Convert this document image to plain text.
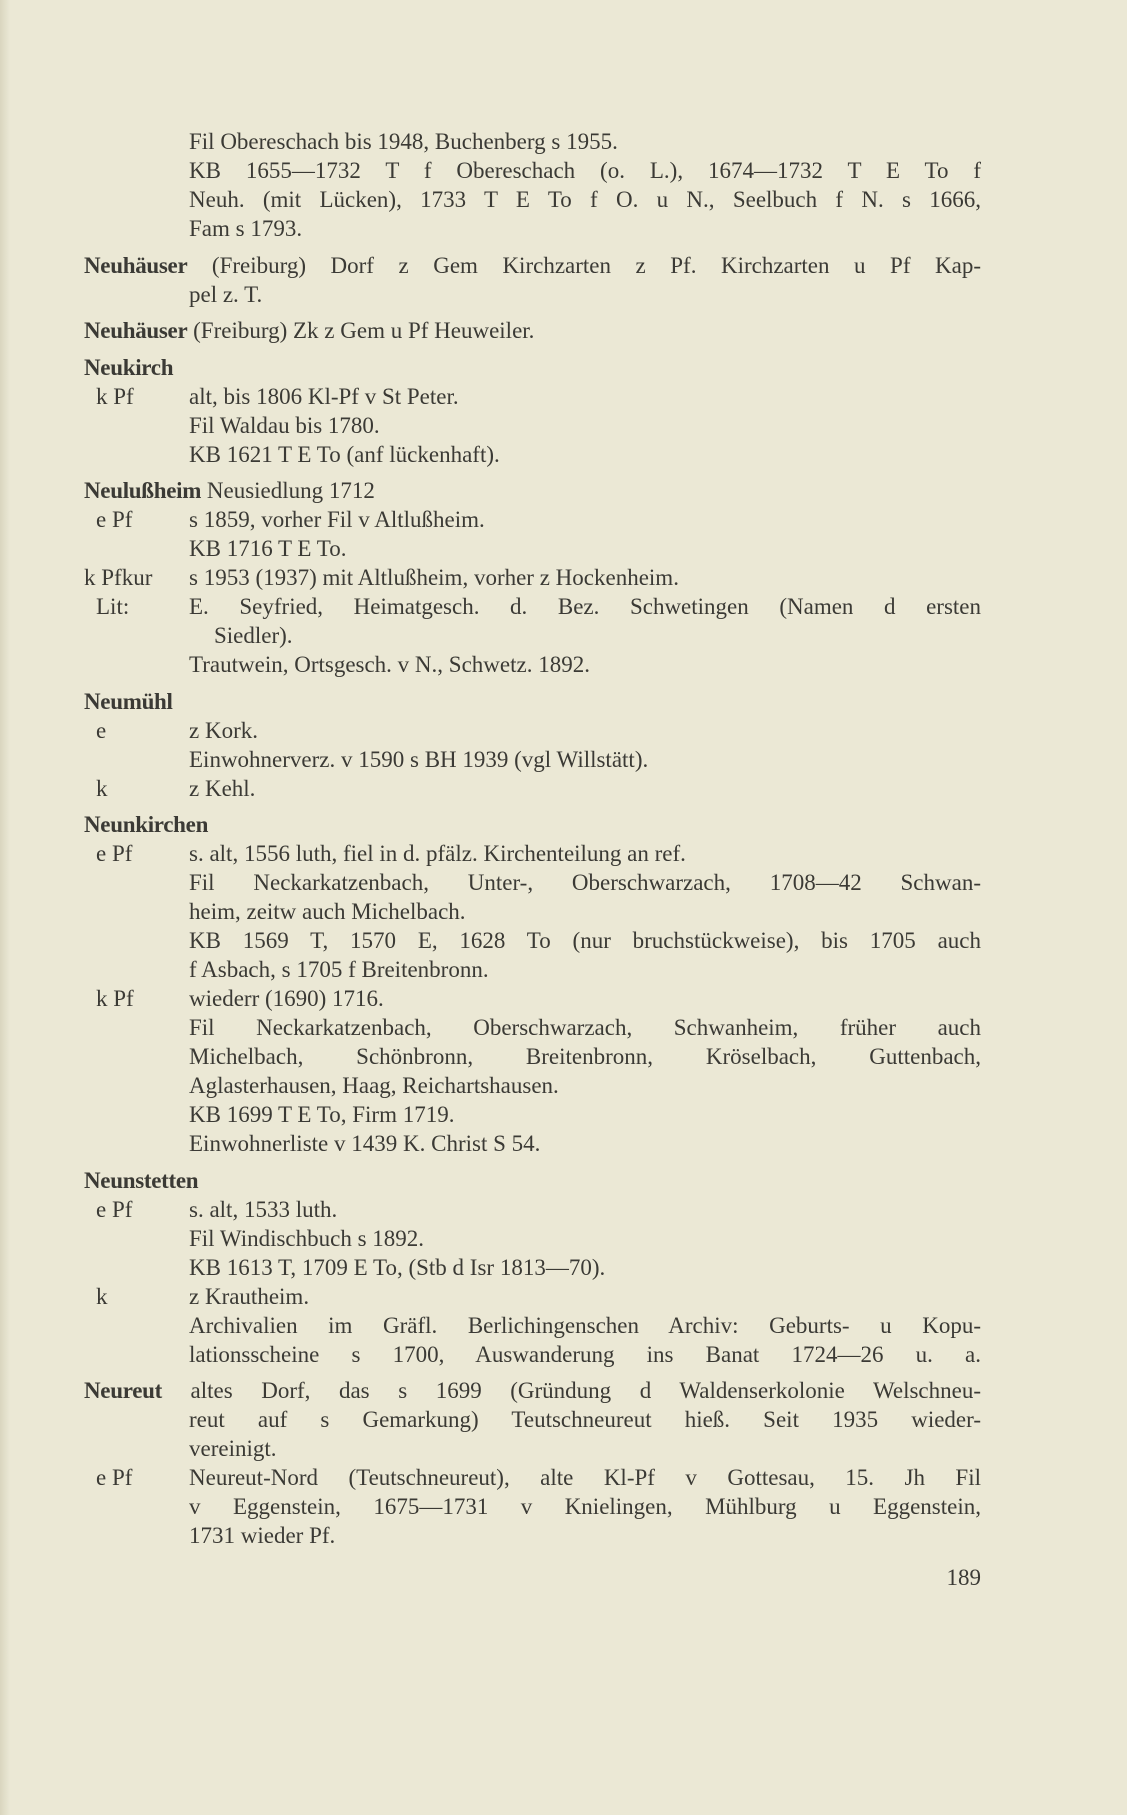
Fil Obereschach bis 1948, Buchenberg s 1955.
KB 1655—1732 T f Obereschach (o. L.), 1674—1732 T E To f
Neuh. (mit Lücken), 1733 T E To f O. u N., Seelbuch f N. s 1666,
Fam s 1793.
Neuhäuser (Freiburg) Dorf z Gem Kirchzarten z Pf. Kirchzarten u Pf Kap-
pel z. T.
Neuhäuser (Freiburg) Zk z Gem u Pf Heuweiler.
Neukirch
k Pf	alt, bis 1806 Kl-Pf v St Peter.
Fil Waldau bis 1780.
KB 1621 T E To (anf lückenhaft).
Neulußheim Neusiedlung 1712
e Pf	s 1859, vorher Fil v Altlußheim.
KB 1716 T E To.
k Pfkur	s 1953 (1937) mit Altlußheim, vorher z Hockenheim.
Lit:	E. Seyfried, Heimatgesch. d. Bez. Schwetingen (Namen d ersten
Siedler).
Trautwein, Ortsgesch. v N., Schwetz. 1892.
Neumühl
e	z Kork.
Einwohnerverz. v 1590 s BH 1939 (vgl Willstätt).
k	z Kehl.
Neunkirchen
e Pf	s. alt, 1556 luth, fiel in d. pfälz. Kirchenteilung an ref.
Fil Neckarkatzenbach, Unter-, Oberschwarzach, 1708—42 Schwan-
heim, zeitw auch Michelbach.
KB 1569 T, 1570 E, 1628 To (nur bruchstückweise), bis 1705 auch
f Asbach, s 1705 f Breitenbronn.
k Pf	wiederr (1690) 1716.
Fil Neckarkatzenbach, Oberschwarzach, Schwanheim, früher auch
Michelbach, Schönbronn, Breitenbronn, Kröselbach, Guttenbach,
Aglasterhausen, Haag, Reichartshausen.
KB 1699 T E To, Firm 1719.
Einwohnerliste v 1439 K. Christ S 54.
Neunstetten
e Pf	s. alt, 1533 luth.
Fil Windischbuch s 1892.
KB 1613 T, 1709 E To, (Stb d Isr 1813—70).
k	z Krautheim.
Archivalien im Gräfl. Berlichingenschen Archiv: Geburts- u Kopu-
lationsscheine s 1700, Auswanderung ins Banat 1724—26 u. a.
Neureut altes Dorf, das s 1699 (Gründung d Waldenserkolonie Welschneu-
reut auf s Gemarkung) Teutschneureut hieß. Seit 1935 wieder-
vereinigt.
e Pf	Neureut-Nord (Teutschneureut), alte Kl-Pf v Gottesau, 15. Jh Fil
v Eggenstein, 1675—1731 v Knielingen, Mühlburg u Eggenstein,
1731 wieder Pf.
189
